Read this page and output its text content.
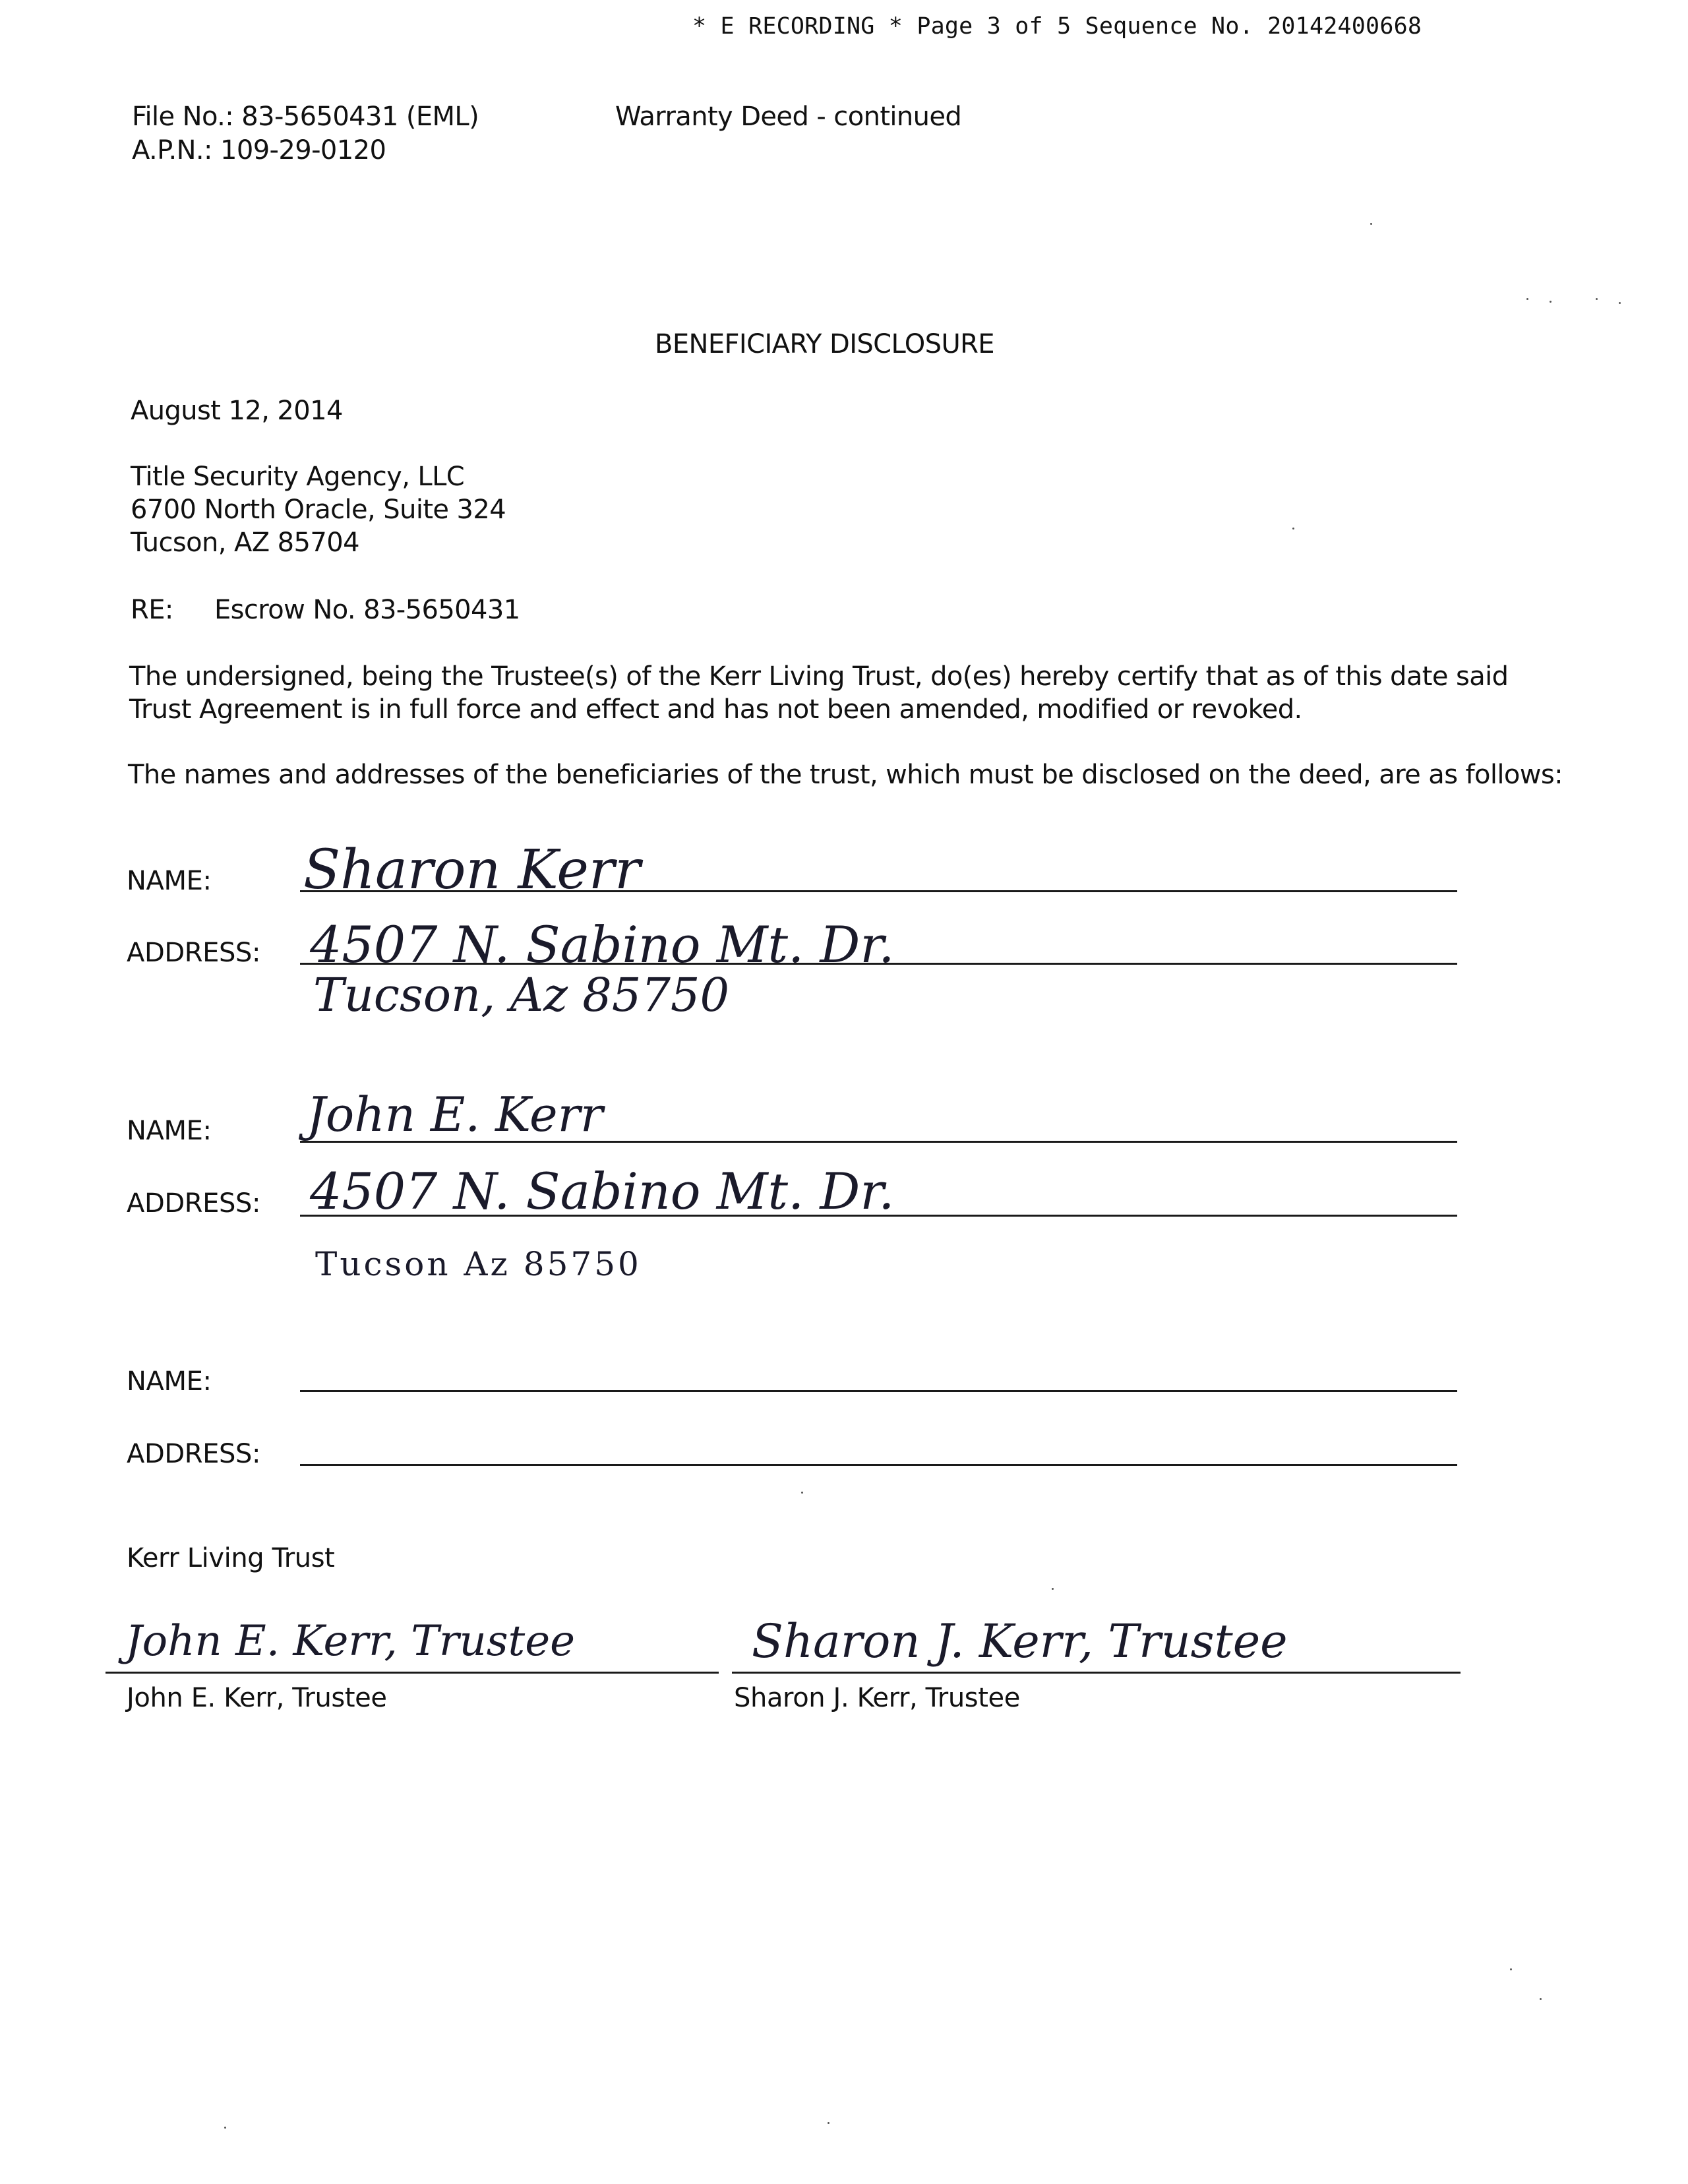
* E RECORDING * Page 3 of 5 Sequence No. 20142400668
File No.: 83-5650431 (EML)
A.P.N.: 109-29-0120
Warranty Deed - continued
BENEFICIARY DISCLOSURE
August 12, 2014
Title Security Agency, LLC
6700 North Oracle, Suite 324
Tucson, AZ 85704
RE: Escrow No. 83-5650431
The undersigned, being the Trustee(s) of the Kerr Living Trust, do(es) hereby certify that as of this date said
Trust Agreement is in full force and effect and has not been amended, modified or revoked.
The names and addresses of the beneficiaries of the trust, which must be disclosed on the deed, are as follows:
NAME: Sharon Kerr
ADDRESS: 4507 N. Sabino Mt. Dr.
Tucson, Az 85750
NAME: John E. Kerr
ADDRESS: 4507 N. Sabino Mt. Dr.
Tucson Az 85750
NAME:
ADDRESS:
Kerr Living Trust
John E. Kerr, Trustee
John E. Kerr, Trustee
Sharon J. Kerr, Trustee
Sharon J. Kerr, Trustee
